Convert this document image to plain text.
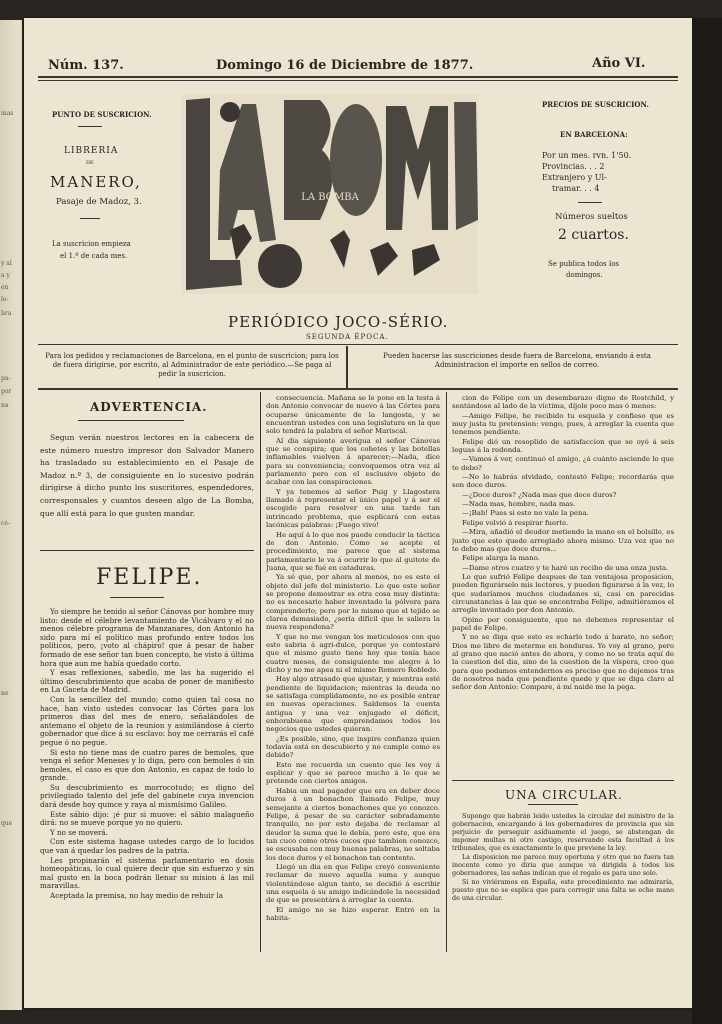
mas
y al
a y
en
lo-
bra
pa-
por
na
cé-
ne
que
Núm. 137.	Domingo 16 de Diciembre de 1877.	Año VI.
PUNTO DE SUSCRICION.
LIBRERIA
DE
MANERO,
Pasaje de Madoz, 3.
La suscricion empieza
el 1.º de cada mes.
LA BOMBA
PRECIOS DE SUSCRICION.
EN BARCELONA:
Por un mes. rvn. 1'50.
Provincias. . . 2
Extranjero y Ul-
tramar. . . 4
Números sueltos
2 cuartos.
Se publica todos los
domingos.
PERIÓDICO JOCO-SÉRIO.
SEGUNDA ÉPOCA.
Para los pedidos y reclamaciones de Barcelona, en el punto de suscricion; para los de fuera dirigirse, por escrito, al Administrador de este periódico.—Se paga al pedir la suscricion.
Pueden hacerse las suscriciones desde fuera de Barcelona, enviando á esta Administracion el importe en sellos de correo.
ADVERTENCIA.

Segun verán nuestros lectores en la cabecera de este número nuestro impresor don Salvador Manero ha trasladado su establecimiento en el Pasaje de Madoz n.º 3, de consiguiente en lo sucesivo podrán dirigirse á dicho punto los suscritores, espendedores, corresponsales y cuantos deseen algo de La Bomba, que allí está para lo que gusten mandar.

FELIPE.

Yo siempre he tenido al señor Cánovas por hombre muy listo: desde el célebre levantamiento de Vicálvaro y el no menos célebre programa de Manzanares, don Antonio ha sido para mí el político mas profundo entre todos los políticos, pero, ¡voto al chápiro! que á pesar de haber formado de ese señor tan buen concepto, he visto á última hora que aun me había quedado corto.

Y esas reflexiones, sabedlo, me las ha sugerido el último descubrimiento que acaba de poner de manifiesto en La Gaceta de Madrid.

Con la sencillez del mundo; como quien tal cosa no hace, han visto ustedes convocar las Córtes para los primeros dias del mes de enero, señalándoles de antemano el objeto de la reunion y asimilándose á cierto gobernador que dice á su esclavo: hoy me cerrarás el café pegue ó no pegue.

Si esto no tiene mas de cuatro pares de bemoles, que venga el señor Meneses y lo diga, pero con bemoles ó sin bemoles, el caso es que don Antonio, es capaz de todo lo grande.

Su descubrimiento es morrocotudo; es digno del privilegiado talento del jefe del gabinete cuya invencion dará desde hoy quince y raya al mismísimo Galileo.

Este sábio dijo: ¡é pur si muove: el sábio malagueño dirá: no se mueve porque yo no quiero.

Y no se moverá.

Con este sistema hagase ustedes cargo de lo lucidos que van á quedar los padres de la patria.

Les propinarán el sistema parlamentario en dosis homeopáticas, lo cual quiere decir que sin esfuerzo y sin mal gusto en la boca podrán llenar su mision á las mil maravillas.

Aceptada la premisa, no hay medio de rehuir la

consecuencia. Mañana se le pone en la testa á don Antonio convocar de nuevo á las Córtes para ocuparse únicamente de la langosta, y se encuentran ustedes con una legislatura en la que solo tendrá la palabra el señor Mariscal.

Al dia siguiente averigua el señor Cánovas que se conspira; que los cohetes y las botellas inflamables vuelven á aparecer;—Nada, dice para su conveniencia; convoquemos otra vez al parlamento pero con el esclusivo objeto de acabar con las conspiraciones.

Y ya tenemos al señor Puig y Llagostera llamado á representar el único papel y á ser el escogido para resolver en una tarde tan intrincado problema, que esplicará con estas lacónicas palabras: ¡Fuego vivo!

He aquí á lo que nos puede conducir la táctica de don Antonio. Como se acepte el procedimiento, me parece que al sistema parlamentario le va á ocurrir lo que al guitote de Juana, que se fué en cataduras.

Ya sé que, por ahora al menos, no es este el objeto del jefe del ministerio. Lo que este señor se propone demostrar es otra cosa muy distinta: no es necesario haber inventado la pólvora para comprenderlo; pero por lo mismo que el tejido se clarea demasiado, ¿sería difícil que le saliera la nueva respondona?

Y que no me vengan los meticulosos con que esto sabria á agri-dulce, porque yo contestaré que el mismo gusto tiene hoy que tenía hace cuatro meses, de consiguiente me alegro á lo dicho y no me apea ni el mismo Romero Robledo.

Hay algo atrasado que ajustar, y mientras esté pendiente de liquidacion; mientras la deuda no se satisfaga cumplidamente, no es posible entrar en nuevas operaciones. Saldemos la cuenta antigua y una vez enjugado el déficit, enhorabuena que emprendamos todos los negocios que ustedes quieran.

¿Es posible, sino, que inspire confianza quien todavía está en descubierto y no cumple como es debido?

Esto me recuerda un cuento que les voy á esplicar y que se parece mucho á lo que se pretende con ciertos amigos.

Habia un mal pagador que era en deber doce duros á un bonachon llamado Felipe, muy semejante á ciertos bonachones que yo conozco. Felipe, á pesar de su carácter sobradamente tranquilo, no por esto dejaba de reclamar al deudor la suma que le debía, pero este, que era tan cuco como otros cucos que tambien conozco, se escusaba con muy buenas palabras, no soltaba los doce duros y el bonachon tan contento.

Llegó un dia en que Felipe creyó conveniente reclamar de nuevo aquella suma y aunque violentándose algun tanto, se decidió á escribir una esquela á su amigo indicándole la necesidad de que se presentára á arreglar la cuenta.

El amigo no se hizo esperar. Entró en la habita-

cion de Felipe con un desembarazo digno de Rostchild, y sentándose al lado de la víctima, díjole poco mas ó menos:

—Amigo Felipe, he recibido tu esquela y confieso que es muy justa tu pretension: vengo, pues, á arreglar la cuenta que tenemos pendiente.

Felipe dió un resoplido de satisfaccion que se oyó á seis leguas á la redonda.

—Vamos á ver, continuó el amigo, ¿á cuánto asciende lo que te debo?

—No lo habrás olvidado, contestó Felipe; recordarás que son doce duros.

—¿Doce duros? ¿Nada mas que doce duros?

—Nada mas, hombre, nada mas.

—¡Bah! Pues si esto no vale la pena.

Felipe volvió á respirar fuerte.

—Mira, añadió el deudor metiendo la mano en el bolsillo, es justo que esto quede arreglado ahora mismo. Uza vez que no te debo mas que doce duros...

Felipe alarga la mano.

—Dame otros cuatro y te haré un recibo de una onza justa.

Lo que sufrió Felipe despues de tan ventajosa proposicion, pueden figurárselo mis lectores, y pueden figurarse á la vez, lo que sudaríamos muchos ciudadanos si, casi en parecidas circunstancias á las que se encontraba Felipe, admitiéramos el arreglo inventado por don Antonio.

Opino por consiguiente, que no debemos representar el papel de Felipe.

Y no se diga que esto es echarlo todo á barato, no señor; Dios me libre de meterme en honduras. Yo voy al grano, pero al grano que nació antes de ahora, y como no se trata aquí de la cuestion del dia, sino de la cuestion de la víspera, creo que para que podamos entendernos es preciso que no dejemos tras de nosotros nada que pendiente quede y que se diga claro al señor don Antonio: Compare, á mí naide me la pega.

UNA CIRCULAR.

Supongo que habrán leido ustedes la circular del ministro de la gobernacion, encargando á los gobernadores de provincia que sin perjuicio de perseguir asíduamente el juego, se abstengan de imponer multas ni otro castigo, reservando esta facultad á los tribunales, que es exactamente lo que previene la ley.

La disposicion me parece muy oportuna y otro que no fuera tan inocente como yo diria que aunque vá dirigida á todos los gobernadores, las señas indican que el regalo es para uno solo.

Si no viviéramos en España, este procedimiento me admiraría, puesto que no se esplica que para corregir una falta se eche mano de una circular.
